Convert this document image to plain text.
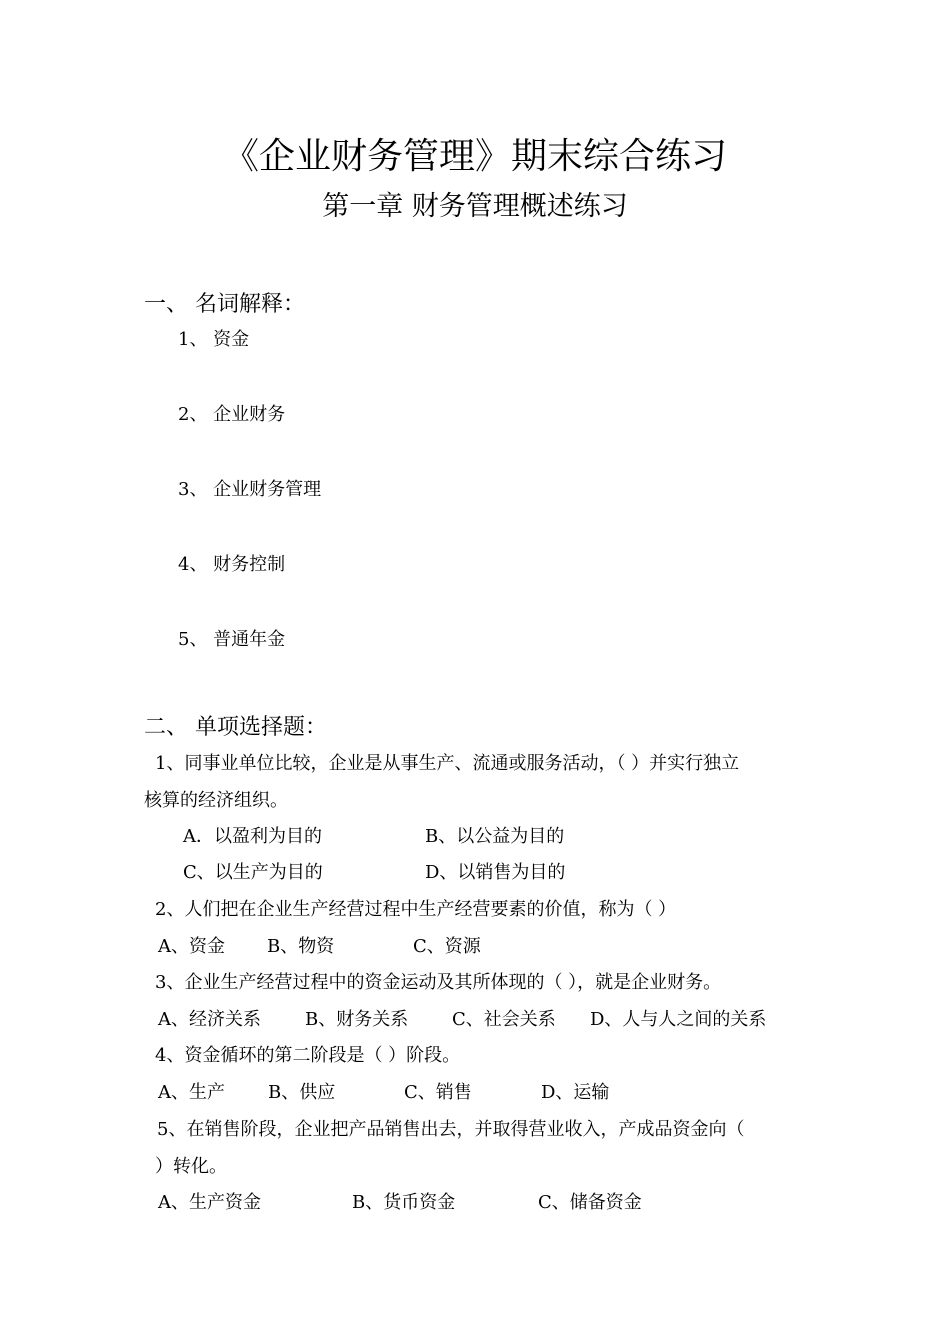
《企业财务管理》期末综合练习
第一章 财务管理概述练习
一、 名词解释：
1、 资金
2、 企业财务
3、 企业财务管理
4、 财务控制
5、 普通年金
二、 单项选择题：
1、同事业单位比较，企业是从事生产、流通或服务活动，（ ）并实行独立
核算的经济组织。
A．以盈利为目的	B、以公益为目的
C、以生产为目的	D、以销售为目的
2、人们把在企业生产经营过程中生产经营要素的价值，称为（ ）
A、资金 B、物资	C、资源
3、企业生产经营过程中的资金运动及其所体现的（ ），就是企业财务。
A、经济关系 B、财务关系 C、社会关系 D、人与人之间的关系
4、资金循环的第二阶段是（ ）阶段。
A、生产 B、供应	C、销售	D、运输
5、在销售阶段，企业把产品销售出去，并取得营业收入，产成品资金向（
）转化。
A、生产资金	B、货币资金	C、储备资金
